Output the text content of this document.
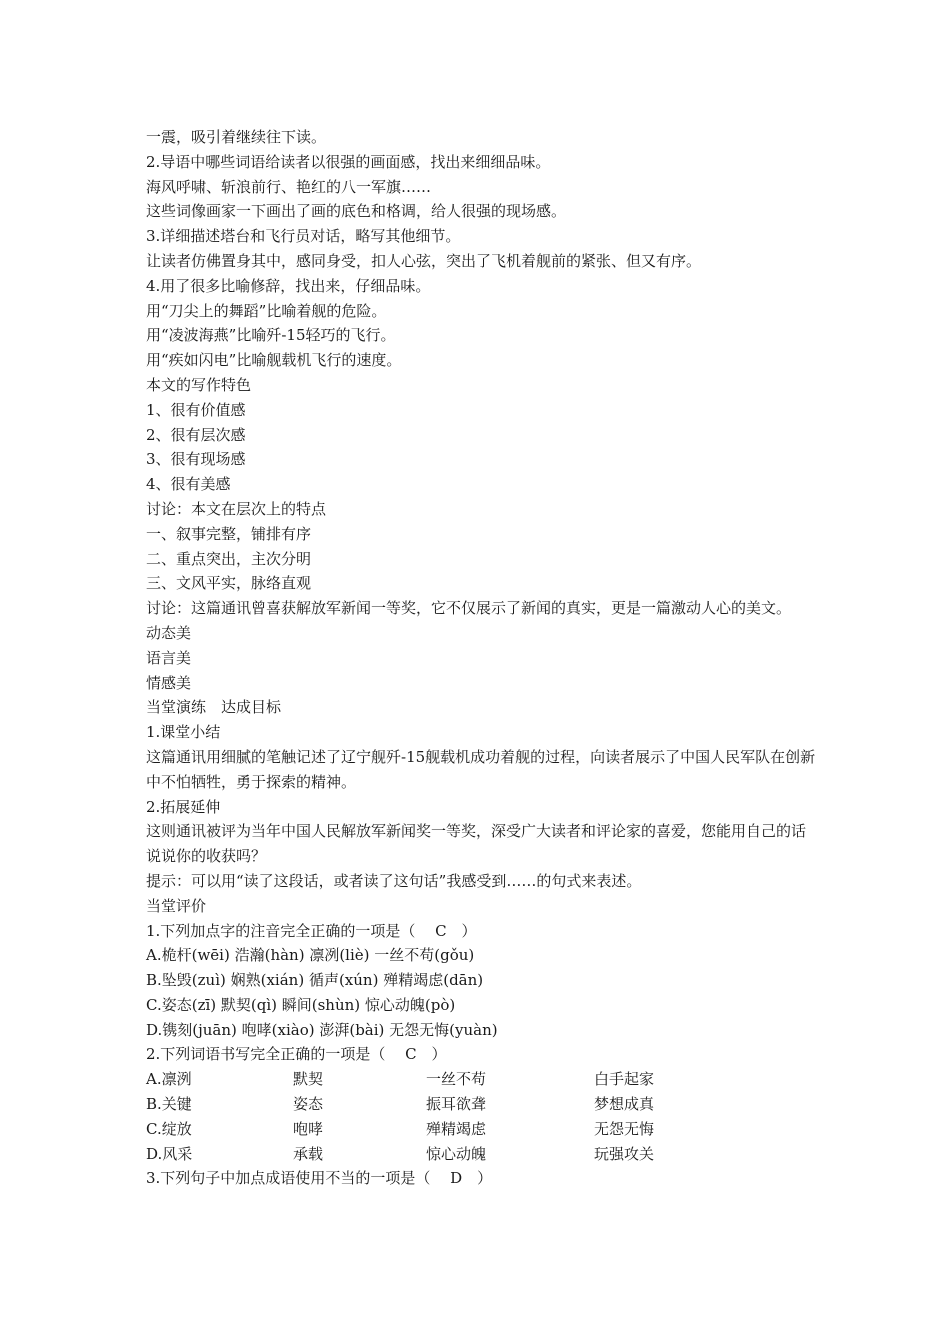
一震，吸引着继续往下读。
2.导语中哪些词语给读者以很强的画面感，找出来细细品味。
海风呼啸、斩浪前行、艳红的八一军旗……
这些词像画家一下画出了画的底色和格调，给人很强的现场感。
3.详细描述塔台和飞行员对话，略写其他细节。
让读者仿佛置身其中，感同身受，扣人心弦，突出了飞机着舰前的紧张、但又有序。
4.用了很多比喻修辞，找出来，仔细品味。
用“刀尖上的舞蹈”比喻着舰的危险。
用“凌波海燕”比喻歼-15轻巧的飞行。
用“疾如闪电”比喻舰载机飞行的速度。
本文的写作特色
1、很有价值感
2、很有层次感
3、很有现场感
4、很有美感
讨论：本文在层次上的特点
一、叙事完整，铺排有序
二、重点突出，主次分明
三、文风平实，脉络直观
讨论：这篇通讯曾喜获解放军新闻一等奖，它不仅展示了新闻的真实，更是一篇激动人心的美文。
动态美
语言美
情感美
当堂演练　达成目标
1.课堂小结
这篇通讯用细腻的笔触记述了辽宁舰歼-15舰载机成功着舰的过程，向读者展示了中国人民军队在创新中不怕牺牲，勇于探索的精神。
2.拓展延伸
这则通讯被评为当年中国人民解放军新闻奖一等奖，深受广大读者和评论家的喜爱，您能用自己的话说说你的收获吗？
提示：可以用“读了这段话，或者读了这句话”我感受到……的句式来表述。
当堂评价
1.下列加点字的注音完全正确的一项是（　 C　）
A.桅杆(wēi) 浩瀚(hàn) 凛冽(liè) 一丝不苟(gǒu)
B.坠毁(zuì) 娴熟(xián) 循声(xún) 殚精竭虑(dān)
C.姿态(zī) 默契(qì) 瞬间(shùn) 惊心动魄(pò)
D.镌刻(juān) 咆哮(xiào) 澎湃(bài) 无怨无悔(yuàn)
2.下列词语书写完全正确的一项是（　 C　）
A.凛洌	默契	一丝不苟	白手起家
B.关键	姿态	振耳欲聋	梦想成真
C.绽放	咆哮	殚精竭虑	无怨无悔
D.风采	承载	惊心动魄	玩强攻关
3.下列句子中加点成语使用不当的一项是（　 D　）
